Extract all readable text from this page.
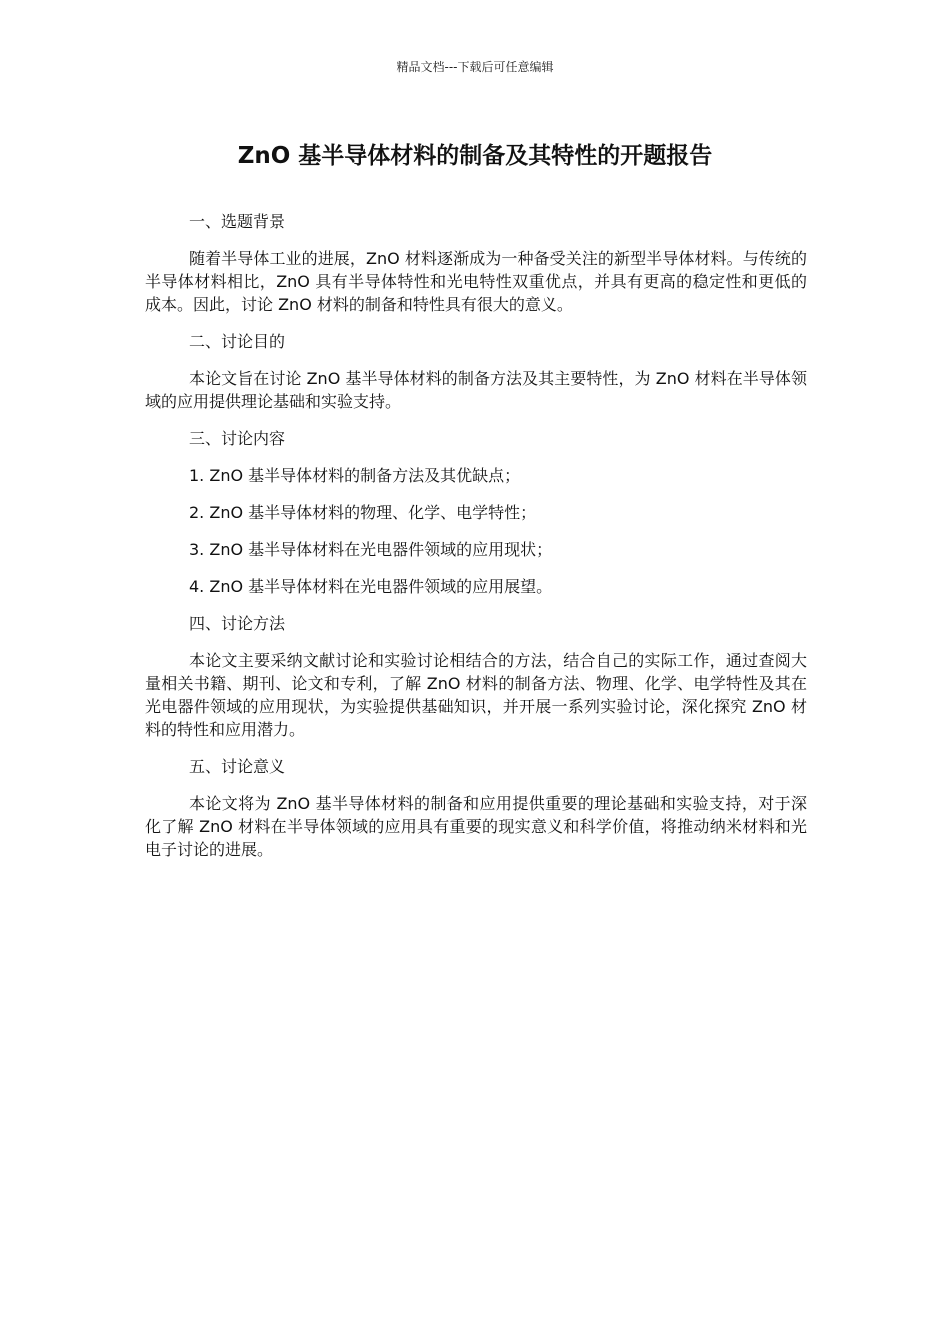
精品文档---下载后可任意编辑
ZnO 基半导体材料的制备及其特性的开题报告

一、选题背景

随着半导体工业的进展，ZnO 材料逐渐成为一种备受关注的新型半导体材料。与传统的半导体材料相比，ZnO 具有半导体特性和光电特性双重优点，并具有更高的稳定性和更低的成本。因此，讨论 ZnO 材料的制备和特性具有很大的意义。

二、讨论目的

本论文旨在讨论 ZnO 基半导体材料的制备方法及其主要特性，为 ZnO 材料在半导体领域的应用提供理论基础和实验支持。

三、讨论内容

1. ZnO 基半导体材料的制备方法及其优缺点；

2. ZnO 基半导体材料的物理、化学、电学特性；

3. ZnO 基半导体材料在光电器件领域的应用现状；

4. ZnO 基半导体材料在光电器件领域的应用展望。

四、讨论方法

本论文主要采纳文献讨论和实验讨论相结合的方法，结合自己的实际工作，通过查阅大量相关书籍、期刊、论文和专利，了解 ZnO 材料的制备方法、物理、化学、电学特性及其在光电器件领域的应用现状，为实验提供基础知识，并开展一系列实验讨论，深化探究 ZnO 材料的特性和应用潜力。

五、讨论意义

本论文将为 ZnO 基半导体材料的制备和应用提供重要的理论基础和实验支持，对于深化了解 ZnO 材料在半导体领域的应用具有重要的现实意义和科学价值，将推动纳米材料和光电子讨论的进展。
